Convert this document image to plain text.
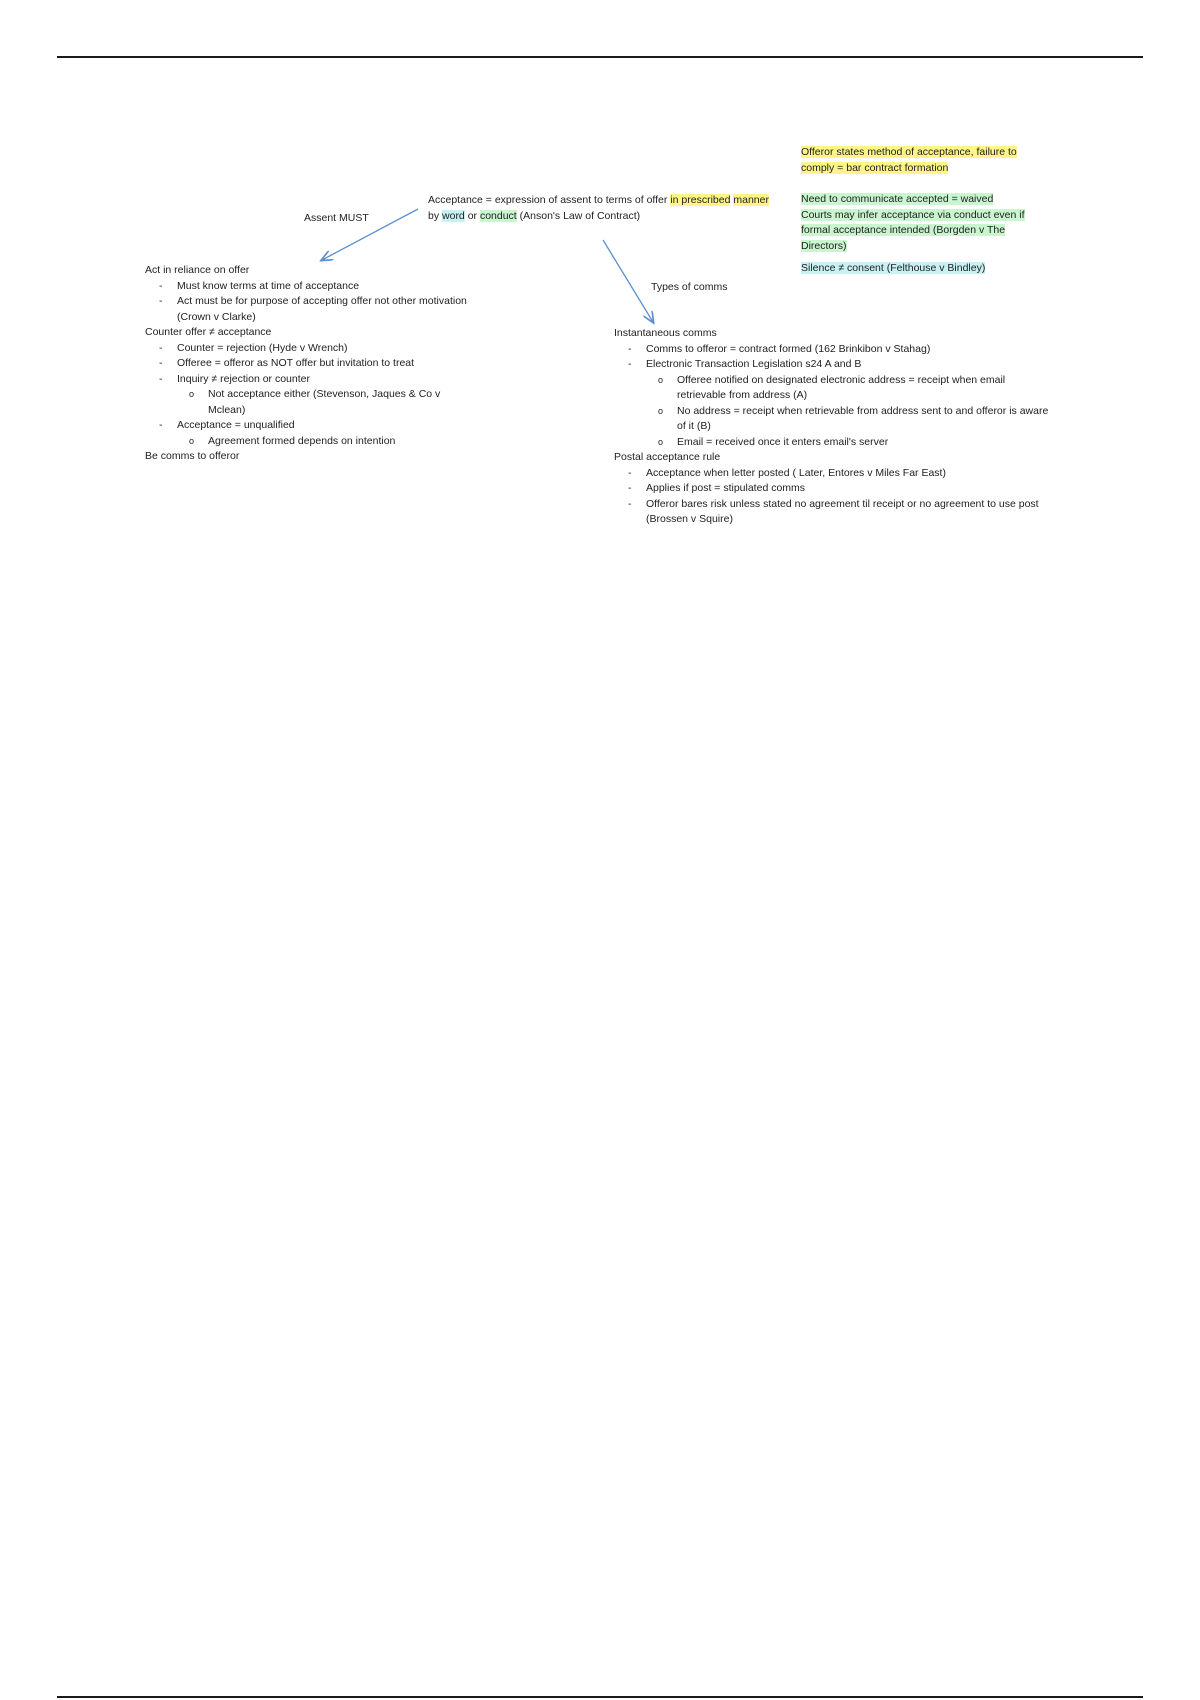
Acceptance = expression of assent to terms of offer in prescribed manner by word or conduct (Anson's Law of Contract)
Assent MUST
Types of comms
Offeror states method of acceptance, failure to comply = bar contract formation
Need to communicate accepted = waived
Courts may infer acceptance via conduct even if formal acceptance intended (Borgden v The Directors)
Silence ≠ consent (Felthouse v Bindley)
Act in reliance on offer
- Must know terms at time of acceptance
- Act must be for purpose of accepting offer not other motivation (Crown v Clarke)
Counter offer ≠ acceptance
- Counter = rejection (Hyde v Wrench)
- Offeree = offeror as NOT offer but invitation to treat
- Inquiry ≠ rejection or counter
o Not acceptance either (Stevenson, Jaques & Co v Mclean)
- Acceptance = unqualified
o Agreement formed depends on intention
Be comms to offeror
Instantaneous comms
- Comms to offeror = contract formed (162 Brinkibon v Stahag)
- Electronic Transaction Legislation s24 A and B
o Offeree notified on designated electronic address = receipt when email retrievable from address (A)
o No address = receipt when retrievable from address sent to and offeror is aware of it (B)
o Email = received once it enters email's server
Postal acceptance rule
- Acceptance when letter posted ( Later, Entores v Miles Far East)
- Applies if post = stipulated comms
- Offeror bares risk unless stated no agreement til receipt or no agreement to use post (Brossen v Squire)
